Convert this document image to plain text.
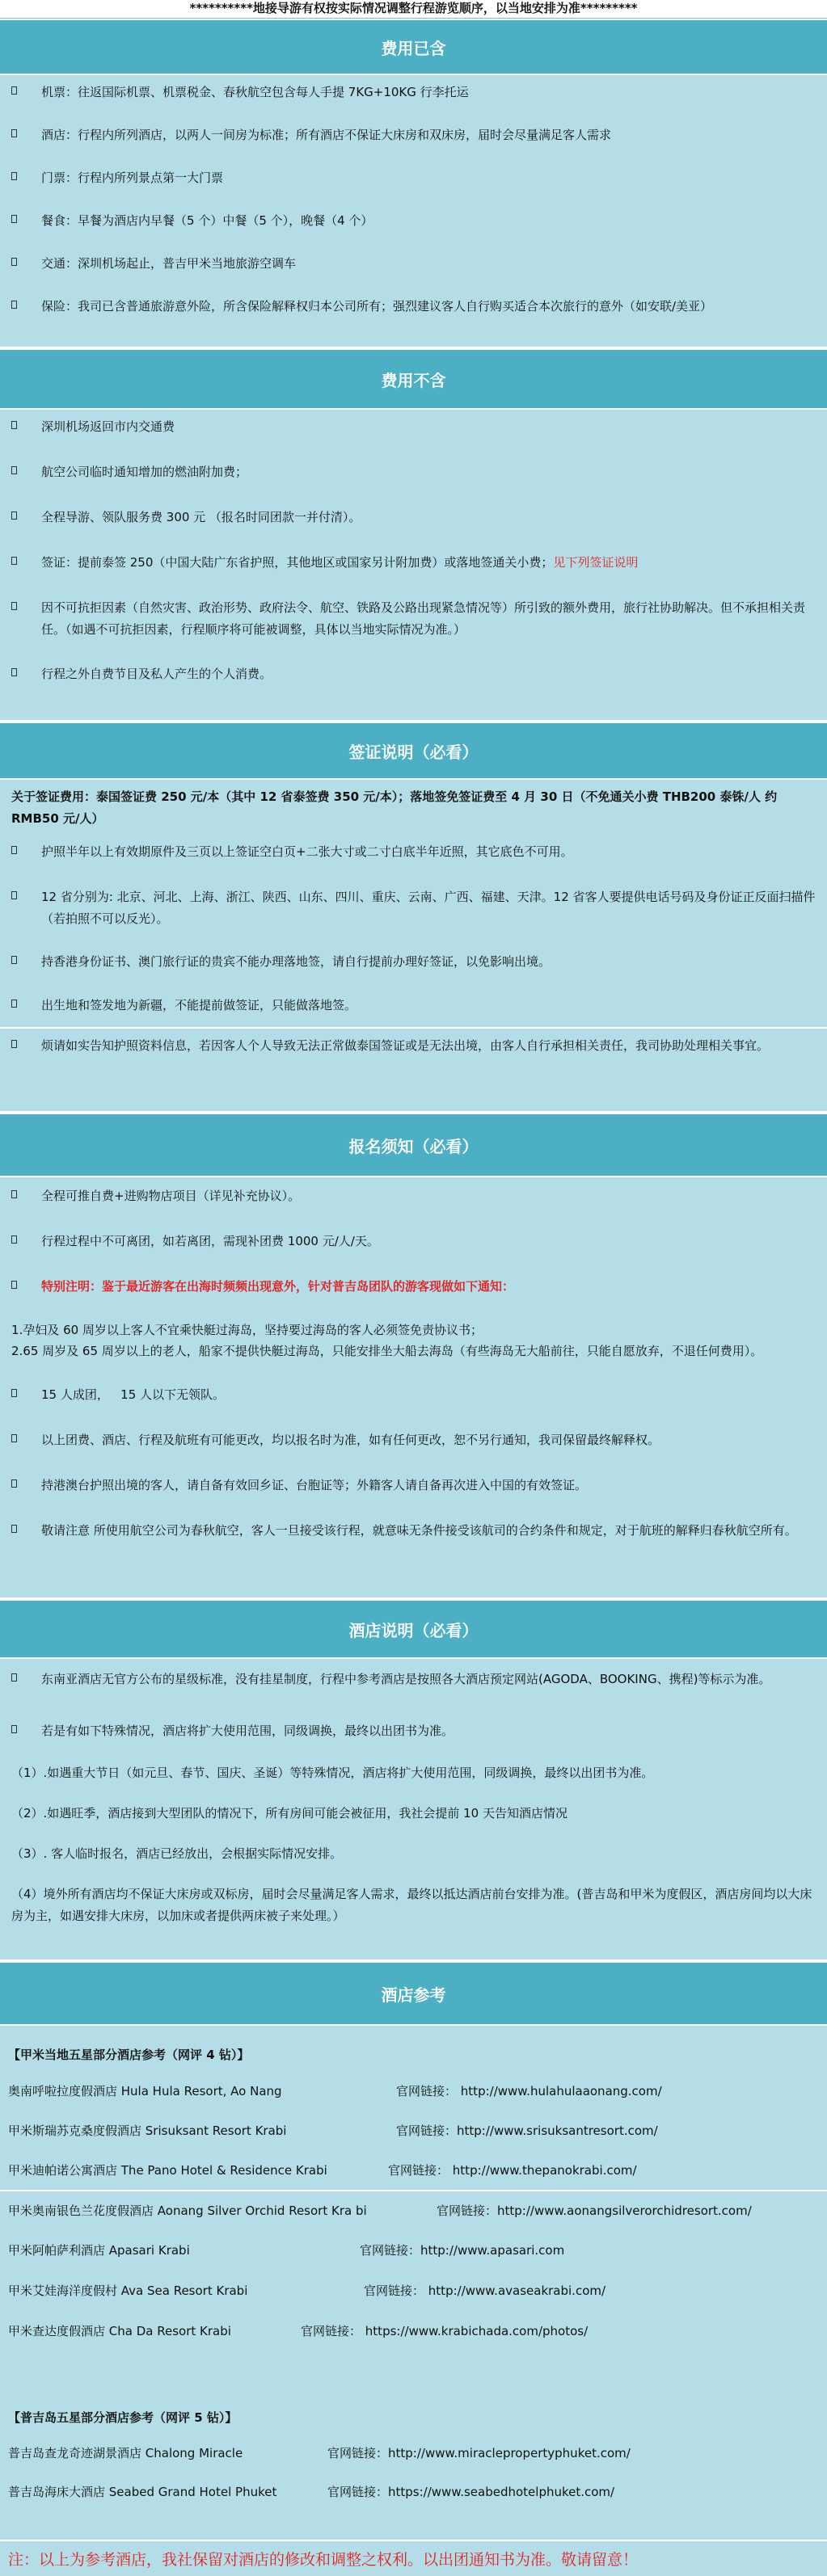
**********地接导游有权按实际情况调整行程游览顺序，以当地安排为准*********
费用已含
机票：往返国际机票、机票税金、春秋航空包含每人手提 7KG+10KG 行李托运
酒店：行程内所列酒店，以两人一间房为标准；所有酒店不保证大床房和双床房，届时会尽量满足客人需求
门票：行程内所列景点第一大门票
餐食：早餐为酒店内早餐（5 个）中餐（5 个），晚餐（4 个）
交通：深圳机场起止，普吉甲米当地旅游空调车
保险：我司已含普通旅游意外险，所含保险解释权归本公司所有；强烈建议客人自行购买适合本次旅行的意外（如安联/美亚）
费用不含
深圳机场返回市内交通费
航空公司临时通知增加的燃油附加费；
全程导游、领队服务费 300 元 （报名时同团款一并付清）。
签证：提前泰签 250（中国大陆广东省护照，其他地区或国家另计附加费）或落地签通关小费；见下列签证说明
因不可抗拒因素（自然灾害、政治形势、政府法令、航空、铁路及公路出现紧急情况等）所引致的额外费用，旅行社协助解决。但不承担相关责任。（如遇不可抗拒因素，行程顺序将可能被调整，具体以当地实际情况为准。）
行程之外自费节目及私人产生的个人消费。
签证说明（必看）
关于签证费用：泰国签证费 250 元/本（其中 12 省泰签费 350 元/本）；落地签免签证费至 4 月 30 日（不免通关小费 THB200 泰铢/人 约 RMB50 元/人）
护照半年以上有效期原件及三页以上签证空白页+二张大寸或二寸白底半年近照，其它底色不可用。
12 省分别为: 北京、河北、上海、浙江、陕西、山东、四川、重庆、云南、广西、福建、天津。12 省客人要提供电话号码及身份证正反面扫描件（若拍照不可以反光）。
持香港身份证书、澳门旅行证的贵宾不能办理落地签，请自行提前办理好签证，以免影响出境。
出生地和签发地为新疆，不能提前做签证，只能做落地签。
烦请如实告知护照资料信息，若因客人个人导致无法正常做泰国签证或是无法出境，由客人自行承担相关责任，我司协助处理相关事宜。
报名须知（必看）
全程可推自费+进购物店项目（详见补充协议）。
行程过程中不可离团，如若离团，需现补团费 1000 元/人/天。
特别注明：鉴于最近游客在出海时频频出现意外，针对普吉岛团队的游客现做如下通知：
1.孕妇及 60 周岁以上客人不宜乘快艇过海岛，坚持要过海岛的客人必须签免责协议书；
2.65 周岁及 65 周岁以上的老人，船家不提供快艇过海岛，只能安排坐大船去海岛（有些海岛无大船前往，只能自愿放弃，不退任何费用）。
15 人成团，   15 人以下无领队。
以上团费、酒店、行程及航班有可能更改，均以报名时为准，如有任何更改，恕不另行通知，我司保留最终解释权。
持港澳台护照出境的客人，请自备有效回乡证、台胞证等；外籍客人请自备再次进入中国的有效签证。
敬请注意 所使用航空公司为春秋航空，客人一旦接受该行程，就意味无条件接受该航司的合约条件和规定，对于航班的解释归春秋航空所有。
酒店说明（必看）
东南亚酒店无官方公布的星级标准，没有挂星制度，行程中参考酒店是按照各大酒店预定网站(AGODA、BOOKING、携程)等标示为准。
若是有如下特殊情况，酒店将扩大使用范围，同级调换，最终以出团书为准。
（1）.如遇重大节日（如元旦、春节、国庆、圣诞）等特殊情况，酒店将扩大使用范围，同级调换，最终以出团书为准。
（2）.如遇旺季，酒店接到大型团队的情况下，所有房间可能会被征用，我社会提前 10 天告知酒店情况
（3）. 客人临时报名，酒店已经放出，会根据实际情况安排。
（4）境外所有酒店均不保证大床房或双标房，届时会尽量满足客人需求，最终以抵达酒店前台安排为准。(普吉岛和甲米为度假区，酒店房间均以大床房为主，如遇安排大床房，以加床或者提供两床被子来处理。）
酒店参考
【甲米当地五星部分酒店参考（网评 4 钻）】
奥南呼啦拉度假酒店 Hula Hula Resort, Ao Nang	官网链接： http://www.hulahulaaonang.com/
甲米斯瑞苏克桑度假酒店 Srisuksant Resort Krabi	官网链接：http://www.srisuksantresort.com/
甲米迪帕诺公寓酒店 The Pano Hotel & Residence Krabi	官网链接： http://www.thepanokrabi.com/
甲米奥南银色兰花度假酒店 Aonang Silver Orchid Resort Kra bi	官网链接：http://www.aonangsilverorchidresort.com/
甲米阿帕萨利酒店 Apasari Krabi	官网链接：http://www.apasari.com
甲米艾娃海洋度假村 Ava Sea Resort Krabi	官网链接： http://www.avaseakrabi.com/
甲米查达度假酒店 Cha Da Resort Krabi	官网链接： https://www.krabichada.com/photos/
【普吉岛五星部分酒店参考（网评 5 钻）】
普吉岛查龙奇迹湖景酒店 Chalong Miracle	官网链接：http://www.miraclepropertyphuket.com/
普吉岛海床大酒店 Seabed Grand Hotel Phuket	官网链接：https://www.seabedhotelphuket.com/
注：以上为参考酒店，我社保留对酒店的修改和调整之权利。以出团通知书为准。敬请留意！
